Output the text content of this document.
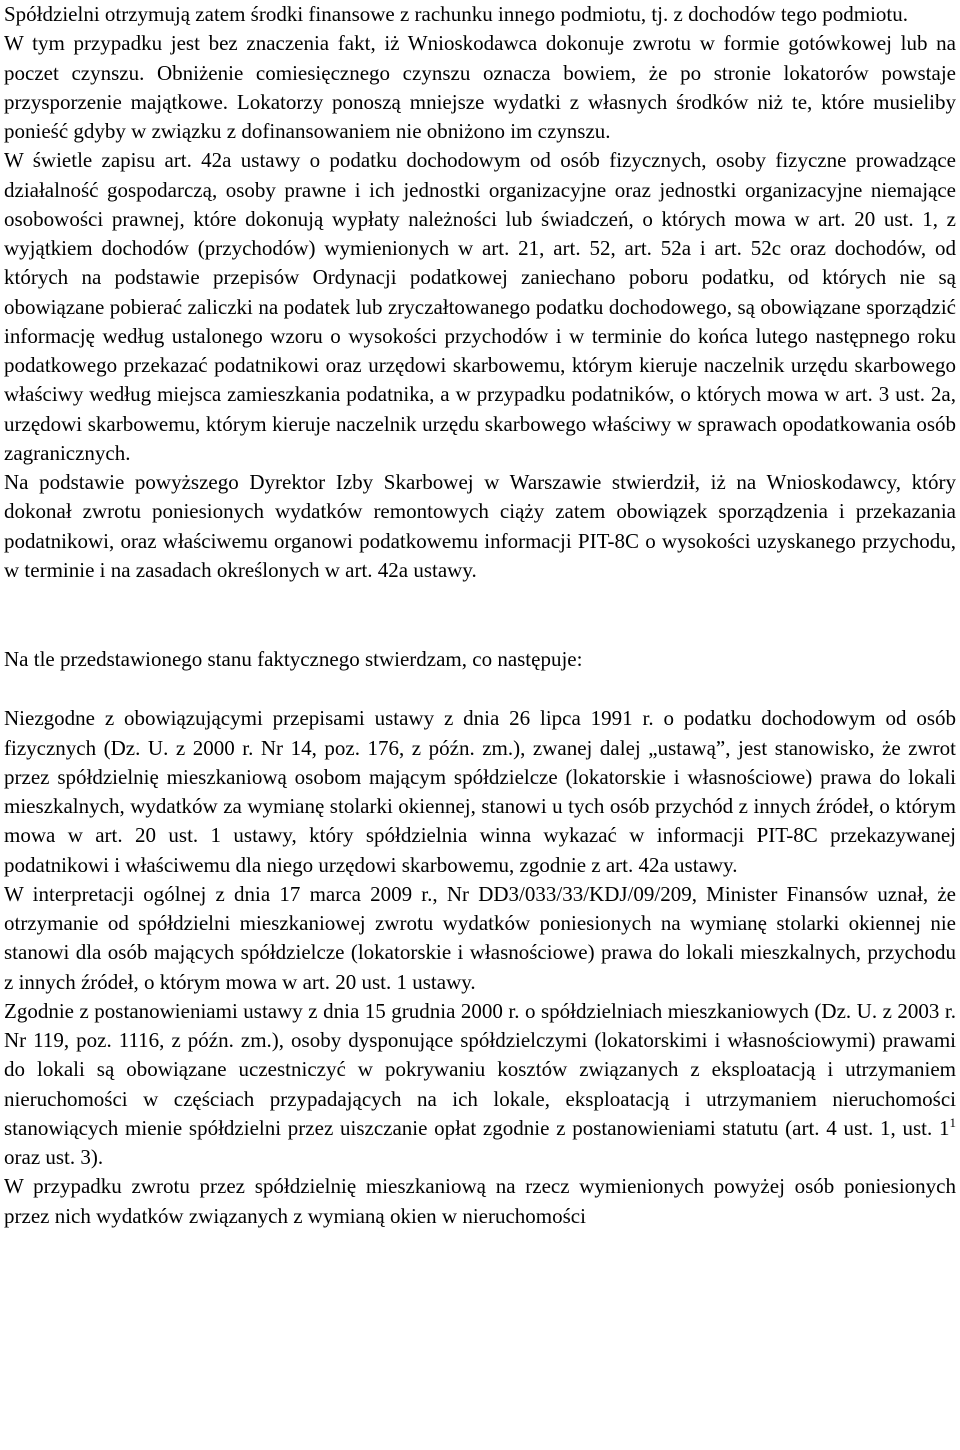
Spółdzielni otrzymują zatem środki finansowe z rachunku innego podmiotu, tj. z dochodów tego podmiotu.

W tym przypadku jest bez znaczenia fakt, iż Wnioskodawca dokonuje zwrotu w formie gotówkowej lub na poczet czynszu. Obniżenie comiesięcznego czynszu oznacza bowiem, że po stronie lokatorów powstaje przysporzenie majątkowe. Lokatorzy ponoszą mniejsze wydatki z własnych środków niż te, które musieliby ponieść gdyby w związku z dofinansowaniem nie obniżono im czynszu.

W świetle zapisu art. 42a ustawy o podatku dochodowym od osób fizycznych, osoby fizyczne prowadzące działalność gospodarczą, osoby prawne i ich jednostki organizacyjne oraz jednostki organizacyjne niemające osobowości prawnej, które dokonują wypłaty należności lub świadczeń, o których mowa w art. 20 ust. 1, z wyjątkiem dochodów (przychodów) wymienionych w art. 21, art. 52, art. 52a i art. 52c oraz dochodów, od których na podstawie przepisów Ordynacji podatkowej zaniechano poboru podatku, od których nie są obowiązane pobierać zaliczki na podatek lub zryczałtowanego podatku dochodowego, są obowiązane sporządzić informację według ustalonego wzoru o wysokości przychodów i w terminie do końca lutego następnego roku podatkowego przekazać podatnikowi oraz urzędowi skarbowemu, którym kieruje naczelnik urzędu skarbowego właściwy według miejsca zamieszkania podatnika, a w przypadku podatników, o których mowa w art. 3 ust. 2a, urzędowi skarbowemu, którym kieruje naczelnik urzędu skarbowego właściwy w sprawach opodatkowania osób zagranicznych.

Na podstawie powyższego Dyrektor Izby Skarbowej w Warszawie stwierdził, iż na Wnioskodawcy, który dokonał zwrotu poniesionych wydatków remontowych ciąży zatem obowiązek sporządzenia i przekazania podatnikowi, oraz właściwemu organowi podatkowemu informacji PIT-8C o wysokości uzyskanego przychodu, w terminie i na zasadach określonych w art. 42a ustawy.

Na tle przedstawionego stanu faktycznego stwierdzam, co następuje:

Niezgodne z obowiązującymi przepisami ustawy z dnia 26 lipca 1991 r. o podatku dochodowym od osób fizycznych (Dz. U. z 2000 r. Nr 14, poz. 176, z późn. zm.), zwanej dalej „ustawą”, jest stanowisko, że zwrot przez spółdzielnię mieszkaniową osobom mającym spółdzielcze (lokatorskie i własnościowe) prawa do lokali mieszkalnych, wydatków za wymianę stolarki okiennej, stanowi u tych osób przychód z innych źródeł, o którym mowa w art. 20 ust. 1 ustawy, który spółdzielnia winna wykazać w informacji PIT-8C przekazywanej podatnikowi i właściwemu dla niego urzędowi skarbowemu, zgodnie z art. 42a ustawy.

W interpretacji ogólnej z dnia 17 marca 2009 r., Nr DD3/033/33/KDJ/09/209, Minister Finansów uznał, że otrzymanie od spółdzielni mieszkaniowej zwrotu wydatków poniesionych na wymianę stolarki okiennej nie stanowi dla osób mających spółdzielcze (lokatorskie i własnościowe) prawa do lokali mieszkalnych, przychodu z innych źródeł, o którym mowa w art. 20 ust. 1 ustawy.

Zgodnie z postanowieniami ustawy z dnia 15 grudnia 2000 r. o spółdzielniach mieszkaniowych (Dz. U. z 2003 r. Nr 119, poz. 1116, z późn. zm.), osoby dysponujące spółdzielczymi (lokatorskimi i własnościowymi) prawami do lokali są obowiązane uczestniczyć w pokrywaniu kosztów związanych z eksploatacją i utrzymaniem nieruchomości w częściach przypadających na ich lokale, eksploatacją i utrzymaniem nieruchomości stanowiących mienie spółdzielni przez uiszczanie opłat zgodnie z postanowieniami statutu (art. 4 ust. 1, ust. $1^1$ oraz ust. 3).

W przypadku zwrotu przez spółdzielnię mieszkaniową na rzecz wymienionych powyżej osób poniesionych przez nich wydatków związanych z wymianą okien w nieruchomości
